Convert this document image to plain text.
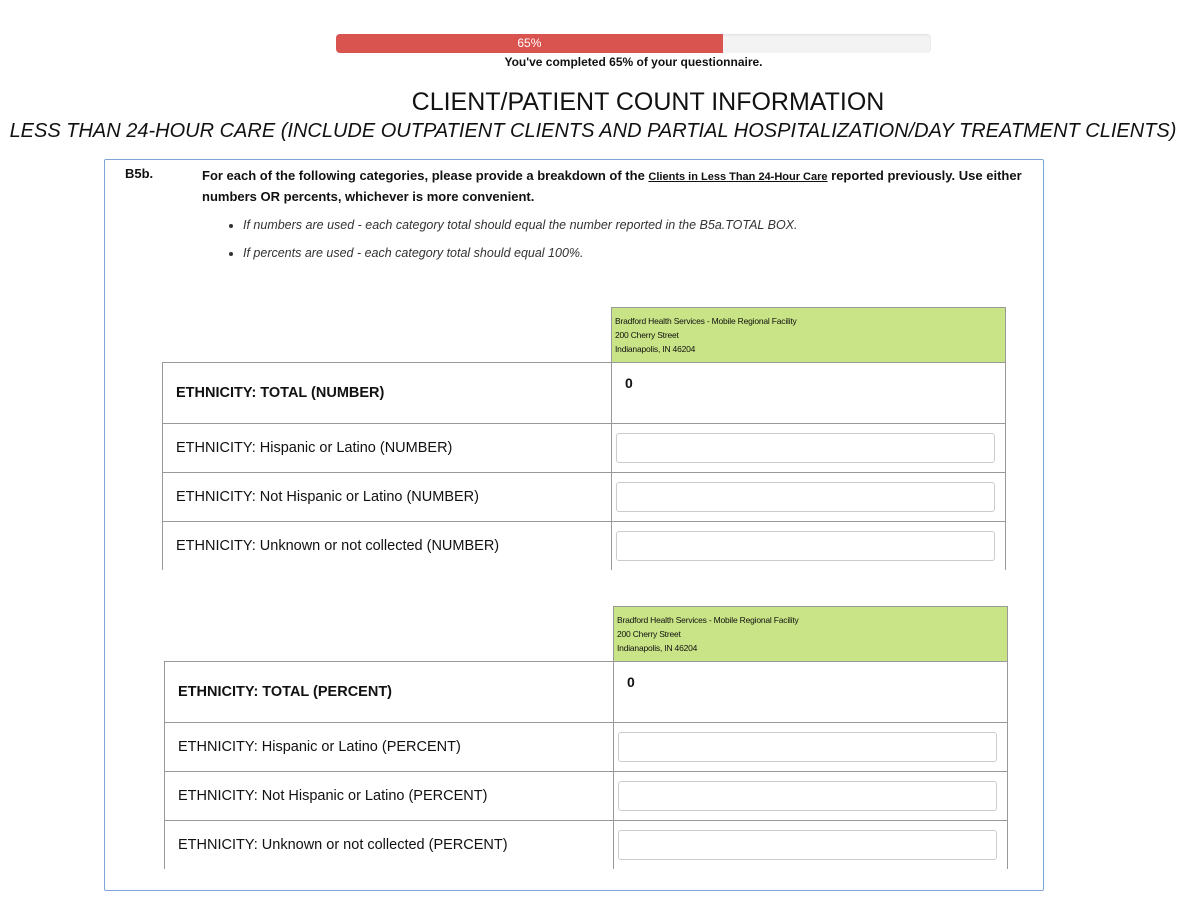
65%
You've completed 65% of your questionnaire.
CLIENT/PATIENT COUNT INFORMATION
LESS THAN 24-HOUR CARE (INCLUDE OUTPATIENT CLIENTS AND PARTIAL HOSPITALIZATION/DAY TREATMENT CLIENTS)
B5b.	For each of the following categories, please provide a breakdown of the Clients in Less Than 24-Hour Care reported previously. Use either numbers OR percents, whichever is more convenient.
• If numbers are used - each category total should equal the number reported in the B5a.TOTAL BOX.
• If percents are used - each category total should equal 100%.

	Bradford Health Services - Mobile Regional Facility
200 Cherry Street
Indianapolis, IN 46204

ETHNICITY: TOTAL (NUMBER)	0
ETHNICITY: Hispanic or Latino (NUMBER)	

ETHNICITY: Not Hispanic or Latino (NUMBER)	

ETHNICITY: Unknown or not collected (NUMBER)	

	Bradford Health Services - Mobile Regional Facility
200 Cherry Street
Indianapolis, IN 46204

ETHNICITY: TOTAL (PERCENT)	0
ETHNICITY: Hispanic or Latino (PERCENT)	

ETHNICITY: Not Hispanic or Latino (PERCENT)	

ETHNICITY: Unknown or not collected (PERCENT)	
